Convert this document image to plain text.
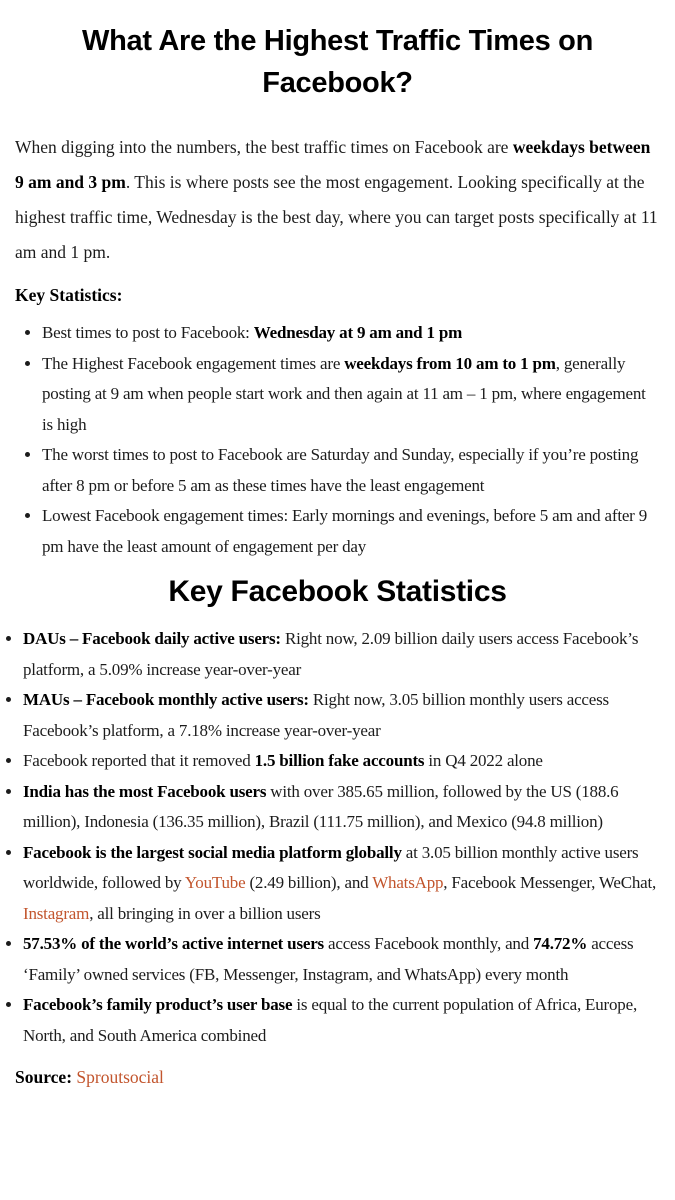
What Are the Highest Traffic Times on Facebook?

When digging into the numbers, the best traffic times on Facebook are weekdays between 9 am and 3 pm. This is where posts see the most engagement. Looking specifically at the highest traffic time, Wednesday is the best day, where you can target posts specifically at 11 am and 1 pm.

Key Statistics:

• Best times to post to Facebook: Wednesday at 9 am and 1 pm
• The Highest Facebook engagement times are weekdays from 10 am to 1 pm, generally posting at 9 am when people start work and then again at 11 am – 1 pm, where engagement is high
• The worst times to post to Facebook are Saturday and Sunday, especially if you’re posting after 8 pm or before 5 am as these times have the least engagement
• Lowest Facebook engagement times: Early mornings and evenings, before 5 am and after 9 pm have the least amount of engagement per day
Key Facebook Statistics
• DAUs – Facebook daily active users: Right now, 2.09 billion daily users access Facebook’s platform, a 5.09% increase year-over-year
• MAUs – Facebook monthly active users: Right now, 3.05 billion monthly users access Facebook’s platform, a 7.18% increase year-over-year
• Facebook reported that it removed 1.5 billion fake accounts in Q4 2022 alone
• India has the most Facebook users with over 385.65 million, followed by the US (188.6 million), Indonesia (136.35 million), Brazil (111.75 million), and Mexico (94.8 million)
• Facebook is the largest social media platform globally at 3.05 billion monthly active users worldwide, followed by YouTube (2.49 billion), and WhatsApp, Facebook Messenger, WeChat, Instagram, all bringing in over a billion users
• 57.53% of the world’s active internet users access Facebook monthly, and 74.72% access ‘Family’ owned services (FB, Messenger, Instagram, and WhatsApp) every month
• Facebook’s family product’s user base is equal to the current population of Africa, Europe, North, and South America combined

Source: Sproutsocial
